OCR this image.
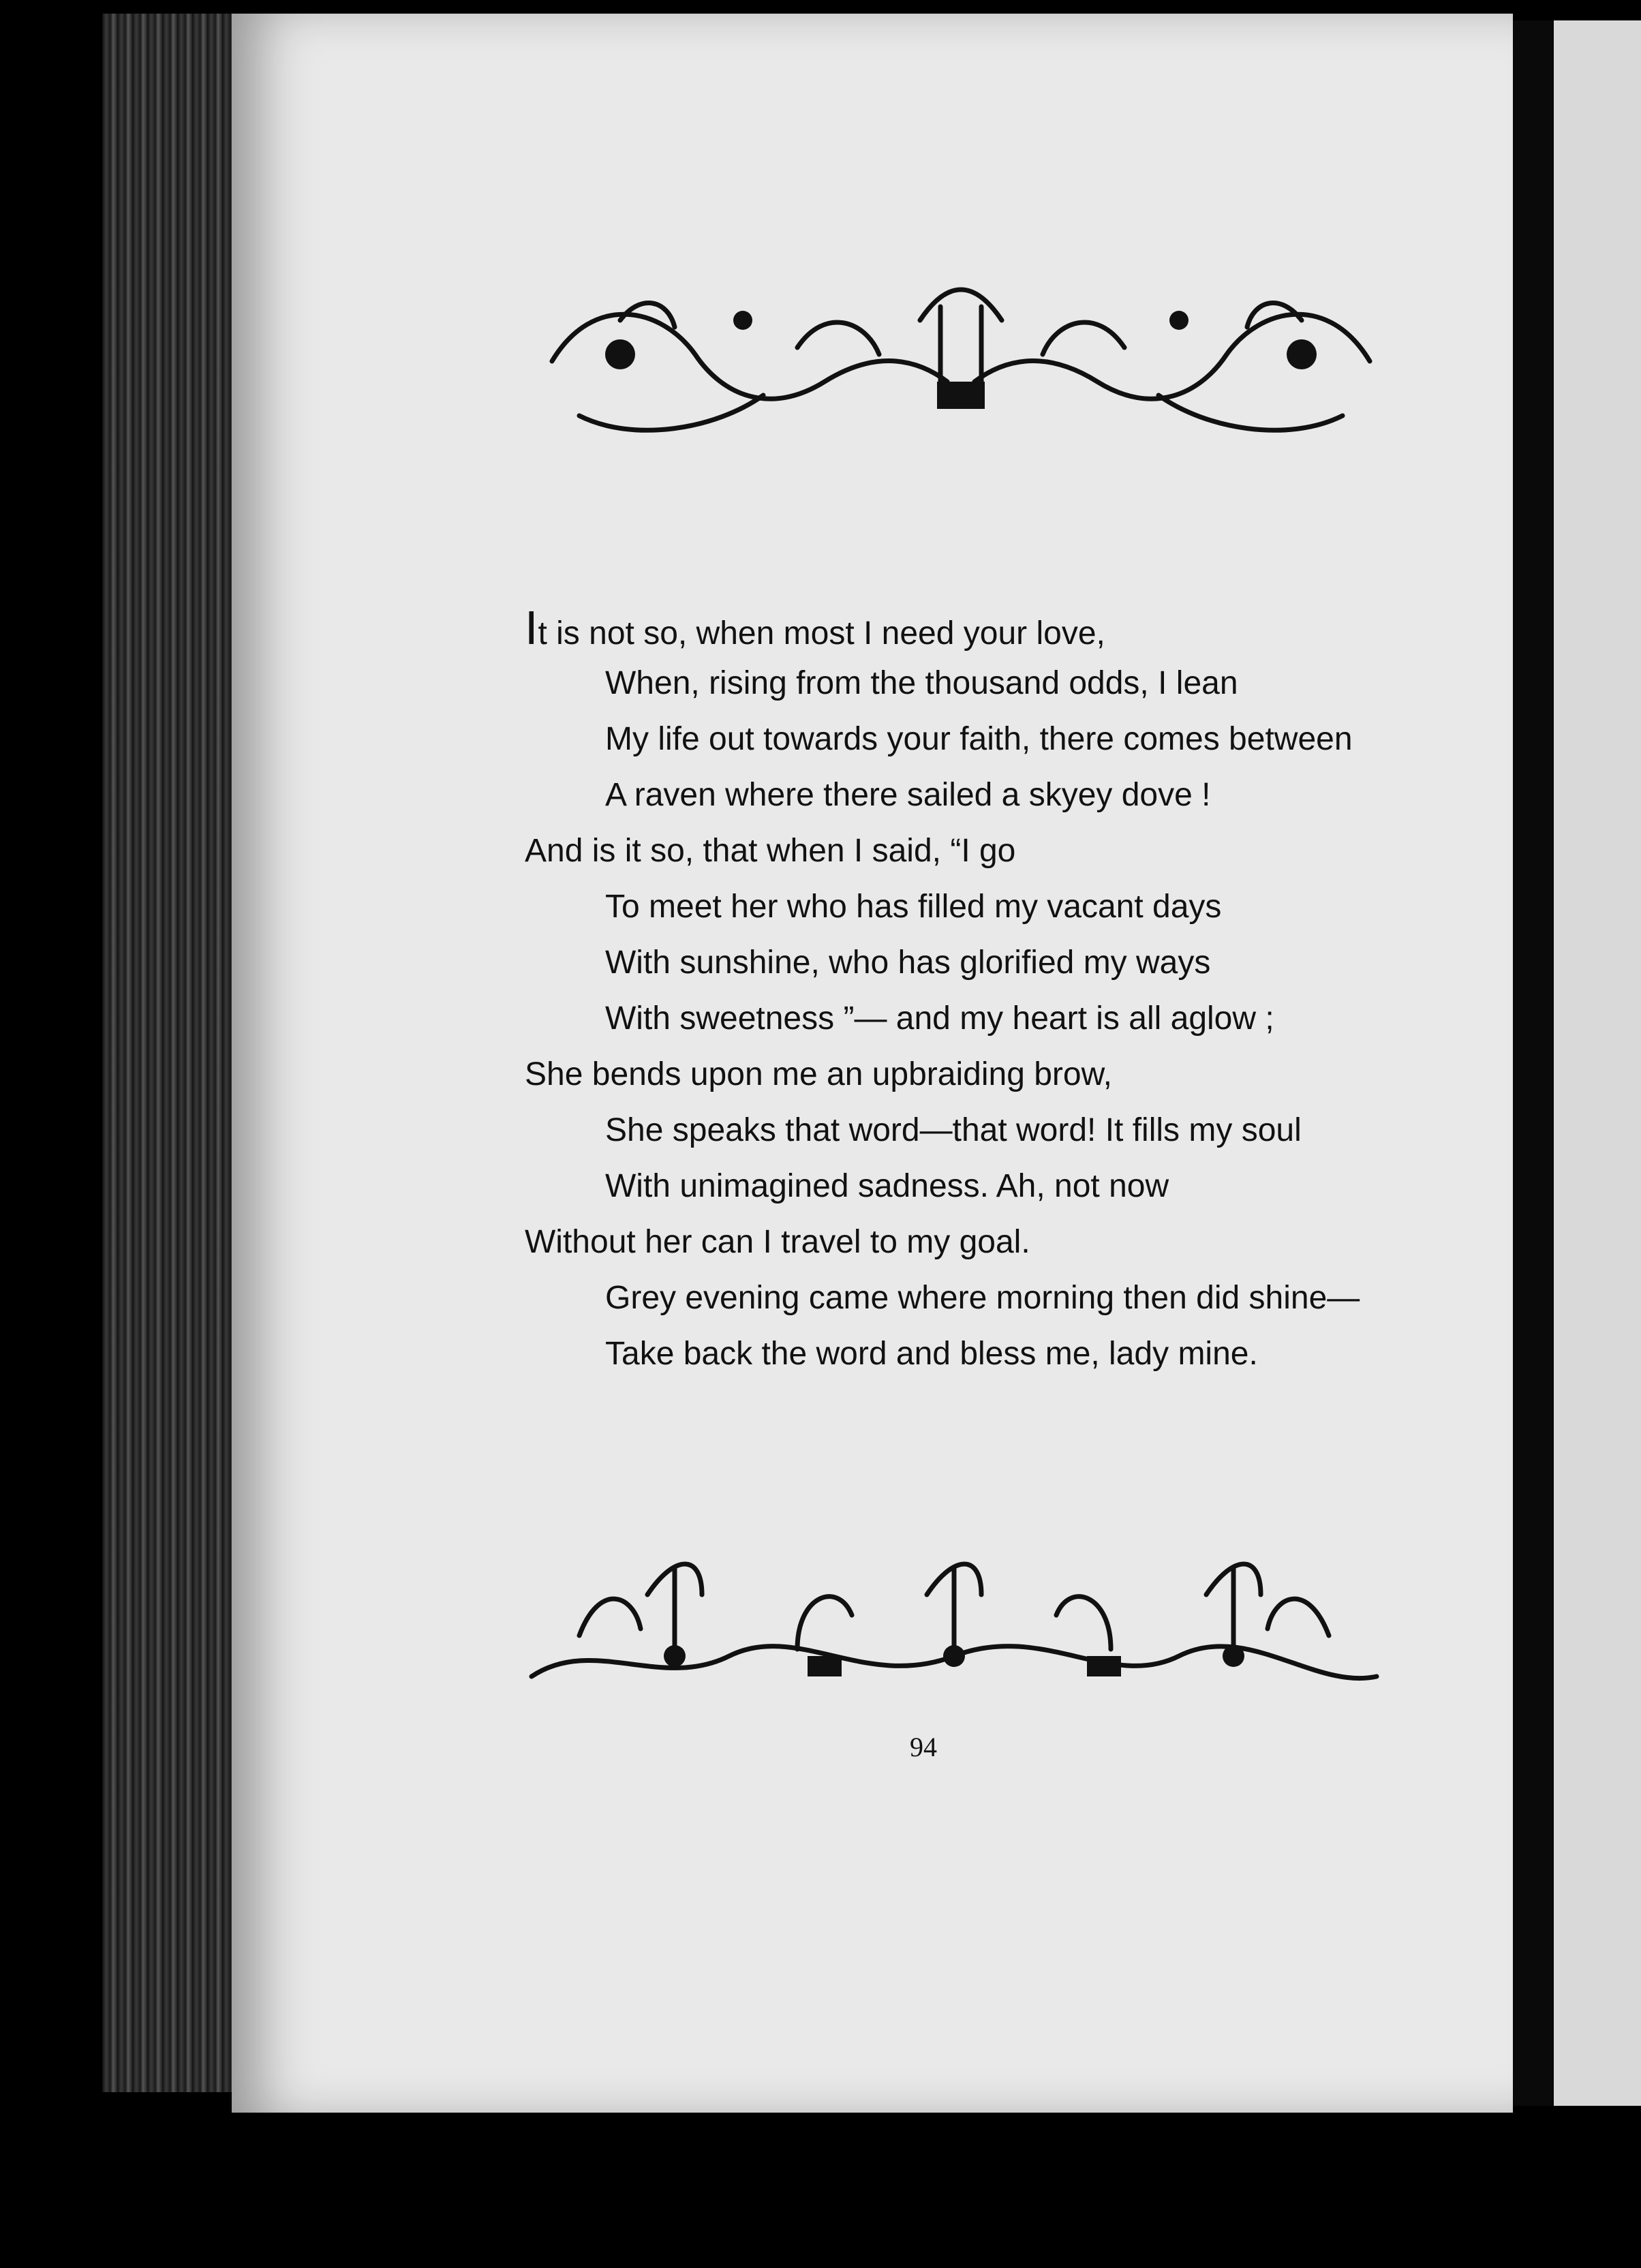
It is not so, when most I need your love,
When, rising from the thousand odds, I lean
My life out towards your faith, there comes between
A raven where there sailed a skyey dove !
And is it so, that when I said, “I go
To meet her who has filled my vacant days
With sunshine, who has glorified my ways
With sweetness ”— and my heart is all aglow ;
She bends upon me an upbraiding brow,
She speaks that word—that word! It fills my soul
With unimagined sadness. Ah, not now
Without her can I travel to my goal.
Grey evening came where morning then did shine—
Take back the word and bless me, lady mine.
94
